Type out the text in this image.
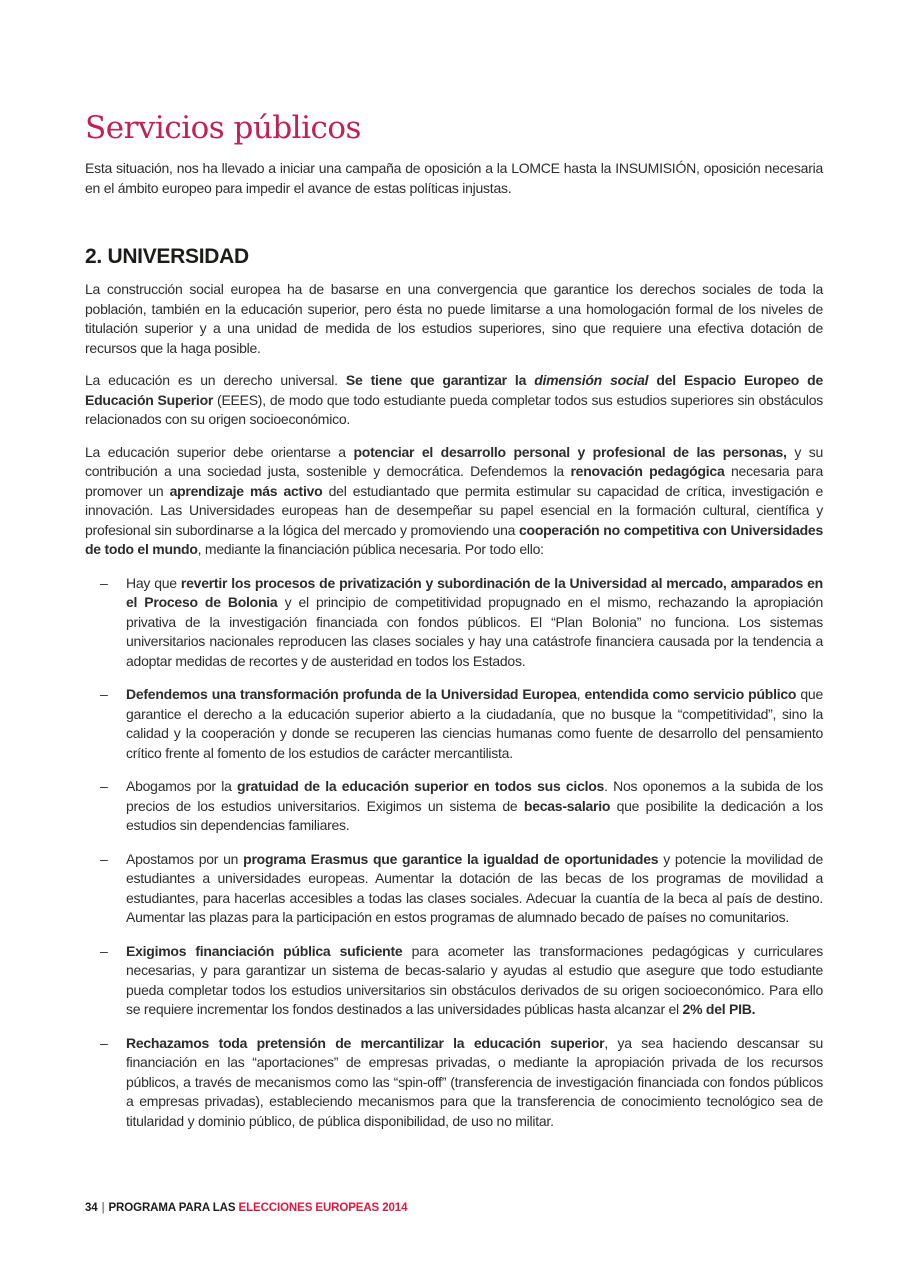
Servicios públicos

Esta situación, nos ha llevado a iniciar una campaña de oposición a la LOMCE hasta la INSUMISIÓN, oposición necesaria en el ámbito europeo para impedir el avance de estas políticas injustas.

2. UNIVERSIDAD

La construcción social europea ha de basarse en una convergencia que garantice los derechos sociales de toda la población, también en la educación superior, pero ésta no puede limitarse a una homologación formal de los niveles de titulación superior y a una unidad de medida de los estudios superiores, sino que requiere una efectiva dotación de recursos que la haga posible.

La educación es un derecho universal. Se tiene que garantizar la dimensión social del Espacio Europeo de Educación Superior (EEES), de modo que todo estudiante pueda completar todos sus estudios superiores sin obstáculos relacionados con su origen socioeconómico.

La educación superior debe orientarse a potenciar el desarrollo personal y profesional de las personas, y su contribución a una sociedad justa, sostenible y democrática. Defendemos la renovación pedagógica necesaria para promover un aprendizaje más activo del estudiantado que permita estimular su capacidad de crítica, investigación e innovación. Las Universidades europeas han de desempeñar su papel esencial en la formación cultural, científica y profesional sin subordinarse a la lógica del mercado y promoviendo una cooperación no competitiva con Universidades de todo el mundo, mediante la financiación pública necesaria. Por todo ello:

– Hay que revertir los procesos de privatización y subordinación de la Universidad al mercado, amparados en el Proceso de Bolonia y el principio de competitividad propugnado en el mismo, rechazando la apropiación privativa de la investigación financiada con fondos públicos. El “Plan Bolonia” no funciona. Los sistemas universitarios nacionales reproducen las clases sociales y hay una catástrofe financiera causada por la tendencia a adoptar medidas de recortes y de austeridad en todos los Estados.
– Defendemos una transformación profunda de la Universidad Europea, entendida como servicio público que garantice el derecho a la educación superior abierto a la ciudadanía, que no busque la “competitividad”, sino la calidad y la cooperación y donde se recuperen las ciencias humanas como fuente de desarrollo del pensamiento crítico frente al fomento de los estudios de carácter mercantilista.
– Abogamos por la gratuidad de la educación superior en todos sus ciclos. Nos oponemos a la subida de los precios de los estudios universitarios. Exigimos un sistema de becas-salario que posibilite la dedicación a los estudios sin dependencias familiares.
– Apostamos por un programa Erasmus que garantice la igualdad de oportunidades y potencie la movilidad de estudiantes a universidades europeas. Aumentar la dotación de las becas de los programas de movilidad a estudiantes, para hacerlas accesibles a todas las clases sociales. Adecuar la cuantía de la beca al país de destino. Aumentar las plazas para la participación en estos programas de alumnado becado de países no comunitarios.
– Exigimos financiación pública suficiente para acometer las transformaciones pedagógicas y curriculares necesarias, y para garantizar un sistema de becas-salario y ayudas al estudio que asegure que todo estudiante pueda completar todos los estudios universitarios sin obstáculos derivados de su origen socioeconómico. Para ello se requiere incrementar los fondos destinados a las universidades públicas hasta alcanzar el 2% del PIB.
– Rechazamos toda pretensión de mercantilizar la educación superior, ya sea haciendo descansar su financiación en las “aportaciones” de empresas privadas, o mediante la apropiación privada de los recursos públicos, a través de mecanismos como las “spin-off” (transferencia de investigación financiada con fondos públicos a empresas privadas), estableciendo mecanismos para que la transferencia de conocimiento tecnológico sea de titularidad y dominio público, de pública disponibilidad, de uso no militar.
34 | PROGRAMA PARA LAS ELECCIONES EUROPEAS 2014
